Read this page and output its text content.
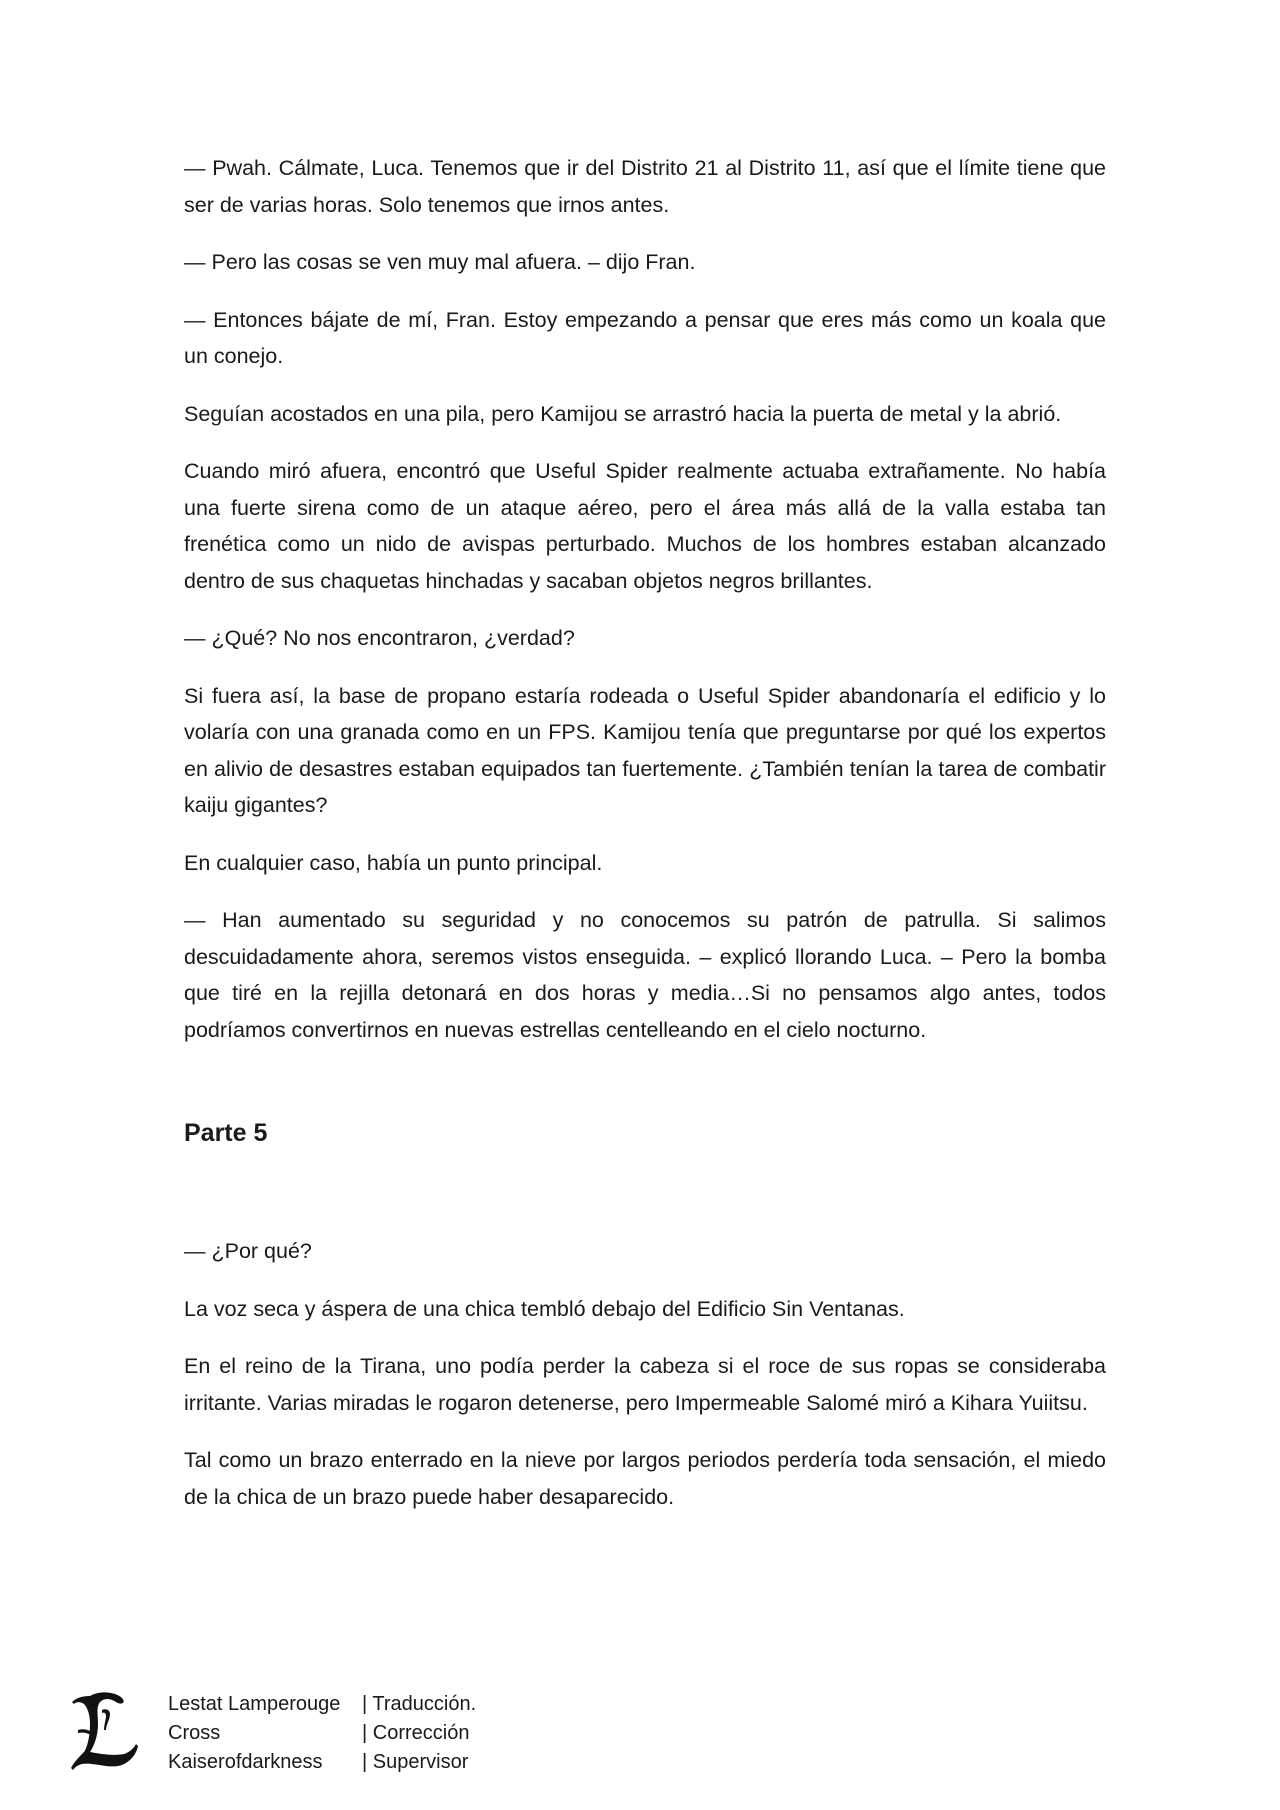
— Pwah. Cálmate, Luca. Tenemos que ir del Distrito 21 al Distrito 11, así que el límite tiene que ser de varias horas. Solo tenemos que irnos antes.

— Pero las cosas se ven muy mal afuera. – dijo Fran.

— Entonces bájate de mí, Fran. Estoy empezando a pensar que eres más como un koala que un conejo.

Seguían acostados en una pila, pero Kamijou se arrastró hacia la puerta de metal y la abrió.

Cuando miró afuera, encontró que Useful Spider realmente actuaba extrañamente. No había una fuerte sirena como de un ataque aéreo, pero el área más allá de la valla estaba tan frenética como un nido de avispas perturbado. Muchos de los hombres estaban alcanzado dentro de sus chaquetas hinchadas y sacaban objetos negros brillantes.

— ¿Qué? No nos encontraron, ¿verdad?

Si fuera así, la base de propano estaría rodeada o Useful Spider abandonaría el edificio y lo volaría con una granada como en un FPS. Kamijou tenía que preguntarse por qué los expertos en alivio de desastres estaban equipados tan fuertemente. ¿También tenían la tarea de combatir kaiju gigantes?

En cualquier caso, había un punto principal.

— Han aumentado su seguridad y no conocemos su patrón de patrulla. Si salimos descuidadamente ahora, seremos vistos enseguida. – explicó llorando Luca. – Pero la bomba que tiré en la rejilla detonará en dos horas y media…Si no pensamos algo antes, todos podríamos convertirnos en nuevas estrellas centelleando en el cielo nocturno.

Parte 5

— ¿Por qué?

La voz seca y áspera de una chica tembló debajo del Edificio Sin Ventanas.

En el reino de la Tirana, uno podía perder la cabeza si el roce de sus ropas se consideraba irritante. Varias miradas le rogaron detenerse, pero Impermeable Salomé miró a Kihara Yuiitsu.

Tal como un brazo enterrado en la nieve por largos periodos perdería toda sensación, el miedo de la chica de un brazo puede haber desaparecido.

Lestat Lamperouge	| Traducción.
Cross	| Corrección
Kaiserofdarkness	| Supervisor
